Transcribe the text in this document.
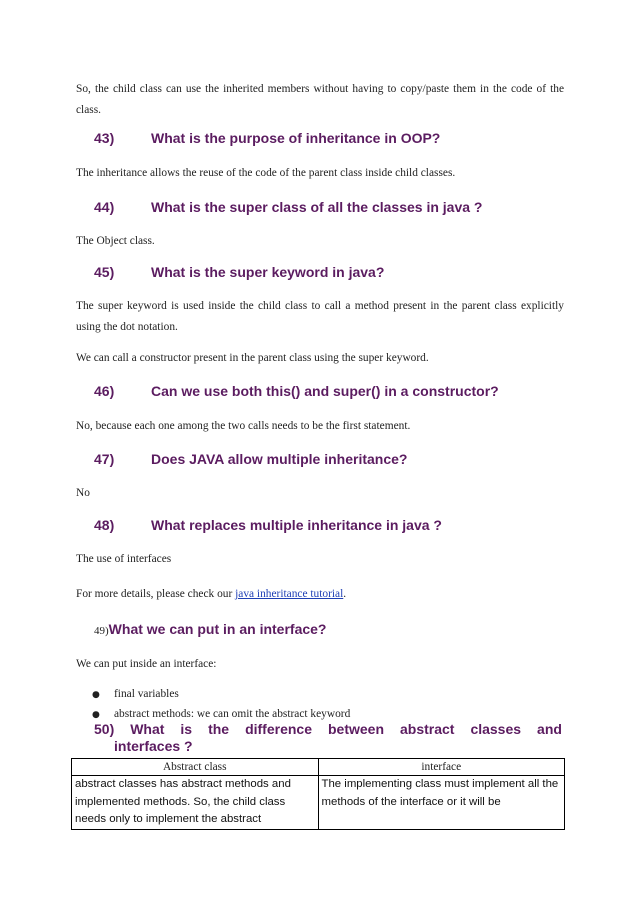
So, the child class can use the inherited members without having to copy/paste them in the code of the class.

43)	What is the purpose of inheritance in OOP?

The inheritance allows the reuse of the code of the parent class inside child classes.

44)	What is the super class of all the classes in java ?

The Object class.

45)	What is the super keyword in java?

The super keyword is used inside the child class to call a method present in the parent class explicitly using the dot notation.

We can call a constructor present in the parent class using the super keyword.

46)	Can we use both this() and super() in a constructor?

No, because each one among the two calls needs to be the first statement.

47)	Does JAVA allow multiple inheritance?

No

48)	What replaces multiple inheritance in java ?

The use of interfaces

For more details, please check our java inheritance tutorial.

49)What we can put in an interface?

We can put inside an interface:

● final variables
● abstract methods: we can omit the abstract keyword
50) What is the difference between abstract classes and
interfaces ?
Abstract class	interface
abstract classes has abstract methods and implemented methods. So, the child class needs only to implement the abstract	The implementing class must implement all the methods of the interface or it will be
